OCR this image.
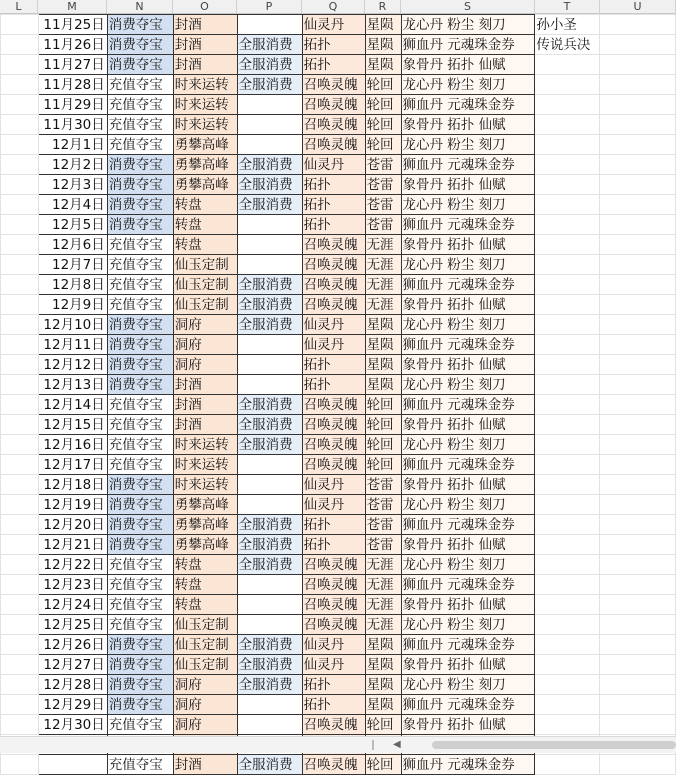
L	M	N	O	P	Q	R	S	T	U
	11月25日	消费夺宝	封酒		仙灵丹	星陨	龙心丹 粉尘 刻刀	孙小圣	
	11月26日	消费夺宝	封酒	全服消费	拓扑	星陨	狮血丹 元魂珠金券	传说兵决	
	11月27日	消费夺宝	封酒	全服消费	拓扑	星陨	象骨丹 拓扑 仙赋		
	11月28日	充值夺宝	时来运转	全服消费	召唤灵魄	轮回	龙心丹 粉尘 刻刀		
	11月29日	充值夺宝	时来运转		召唤灵魄	轮回	狮血丹 元魂珠金券		
	11月30日	充值夺宝	时来运转		召唤灵魄	轮回	象骨丹 拓扑 仙赋		
	12月1日	充值夺宝	勇攀高峰		召唤灵魄	轮回	龙心丹 粉尘 刻刀		
	12月2日	消费夺宝	勇攀高峰	全服消费	仙灵丹	苍雷	狮血丹 元魂珠金券		
	12月3日	消费夺宝	勇攀高峰	全服消费	拓扑	苍雷	象骨丹 拓扑 仙赋		
	12月4日	消费夺宝	转盘	全服消费	拓扑	苍雷	龙心丹 粉尘 刻刀		
	12月5日	消费夺宝	转盘		拓扑	苍雷	狮血丹 元魂珠金券		
	12月6日	充值夺宝	转盘		召唤灵魄	无涯	象骨丹 拓扑 仙赋		
	12月7日	充值夺宝	仙玉定制		召唤灵魄	无涯	龙心丹 粉尘 刻刀		
	12月8日	充值夺宝	仙玉定制	全服消费	召唤灵魄	无涯	狮血丹 元魂珠金券		
	12月9日	充值夺宝	仙玉定制	全服消费	召唤灵魄	无涯	象骨丹 拓扑 仙赋		
	12月10日	消费夺宝	洞府	全服消费	仙灵丹	星陨	龙心丹 粉尘 刻刀		
	12月11日	消费夺宝	洞府		仙灵丹	星陨	狮血丹 元魂珠金券		
	12月12日	消费夺宝	洞府		拓扑	星陨	象骨丹 拓扑 仙赋		
	12月13日	消费夺宝	封酒		拓扑	星陨	龙心丹 粉尘 刻刀		
	12月14日	充值夺宝	封酒	全服消费	召唤灵魄	轮回	狮血丹 元魂珠金券		
	12月15日	充值夺宝	封酒	全服消费	召唤灵魄	轮回	象骨丹 拓扑 仙赋		
	12月16日	充值夺宝	时来运转	全服消费	召唤灵魄	轮回	龙心丹 粉尘 刻刀		
	12月17日	充值夺宝	时来运转		召唤灵魄	轮回	狮血丹 元魂珠金券		
	12月18日	消费夺宝	时来运转		仙灵丹	苍雷	象骨丹 拓扑 仙赋		
	12月19日	消费夺宝	勇攀高峰		仙灵丹	苍雷	龙心丹 粉尘 刻刀		
	12月20日	消费夺宝	勇攀高峰	全服消费	拓扑	苍雷	狮血丹 元魂珠金券		
	12月21日	消费夺宝	勇攀高峰	全服消费	拓扑	苍雷	象骨丹 拓扑 仙赋		
	12月22日	充值夺宝	转盘	全服消费	召唤灵魄	无涯	龙心丹 粉尘 刻刀		
	12月23日	充值夺宝	转盘		召唤灵魄	无涯	狮血丹 元魂珠金券		
	12月24日	充值夺宝	转盘		召唤灵魄	无涯	象骨丹 拓扑 仙赋		
	12月25日	充值夺宝	仙玉定制		召唤灵魄	无涯	龙心丹 粉尘 刻刀		
	12月26日	消费夺宝	仙玉定制	全服消费	仙灵丹	星陨	狮血丹 元魂珠金券		
	12月27日	消费夺宝	仙玉定制	全服消费	仙灵丹	星陨	象骨丹 拓扑 仙赋		
	12月28日	消费夺宝	洞府	全服消费	拓扑	星陨	龙心丹 粉尘 刻刀		
	12月29日	消费夺宝	洞府		拓扑	星陨	狮血丹 元魂珠金券		
	12月30日	充值夺宝	洞府		召唤灵魄	轮回	象骨丹 拓扑 仙赋		

		充值夺宝	封酒	全服消费	召唤灵魄	轮回	狮血丹 元魂珠金券		
◀
